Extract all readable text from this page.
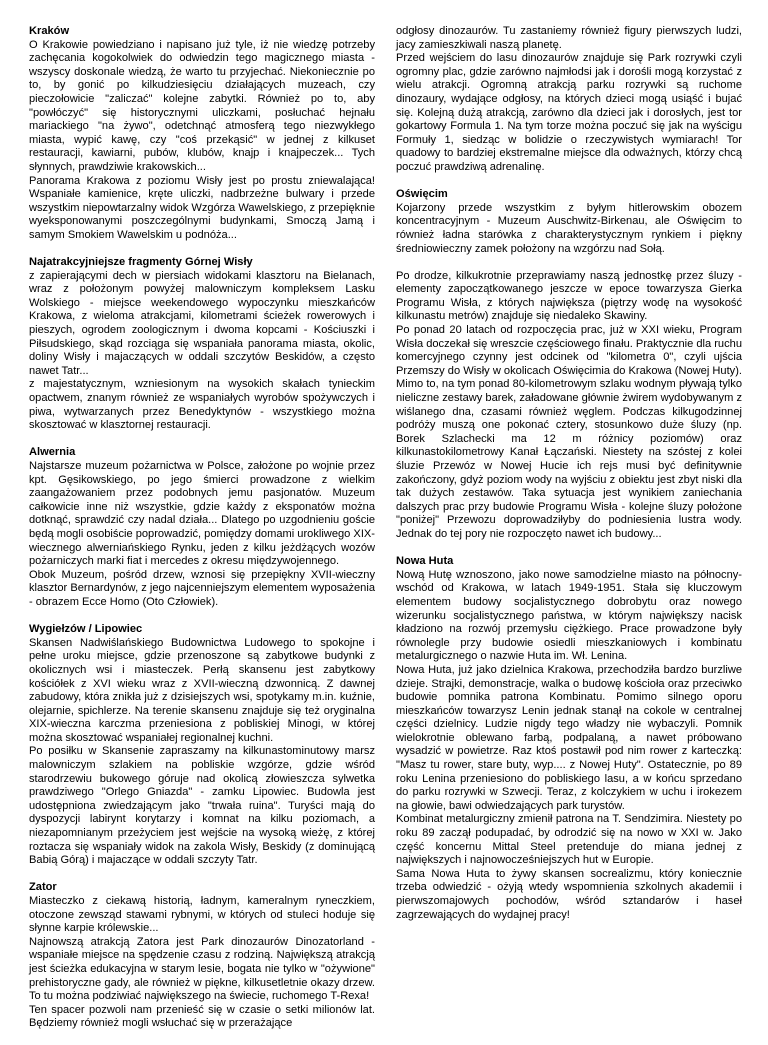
Kraków

O Krakowie powiedziano i napisano już tyle, iż nie wiedzę potrzeby zachęcania kogokolwiek do odwiedzin tego magicznego miasta - wszyscy doskonale wiedzą, że warto tu przyjechać. Niekoniecznie po to, by gonić po kilkudziesięciu działających muzeach, czy pieczołowicie "zaliczać" kolejne zabytki. Również po to, aby "powłóczyć" się historycznymi uliczkami, posłuchać hejnału mariackiego "na żywo", odetchnąć atmosferą tego niezwykłego miasta, wypić kawę, czy "coś przekąsić" w jednej z kilkuset restauracji, kawiarni, pubów, klubów, knajp i knajpeczek... Tych słynnych, prawdziwie krakowskich...

Panorama Krakowa z poziomu Wisły jest po prostu zniewalająca! Wspaniałe kamienice, kręte uliczki, nadbrzeżne bulwary i przede wszystkim niepowtarzalny widok Wzgórza Wawelskiego, z przepięknie wyeksponowanymi poszczególnymi budynkami, Smoczą Jamą i samym Smokiem Wawelskim u podnóża...

Najatrakcyjniejsze fragmenty Górnej Wisły

z zapierającymi dech w piersiach widokami klasztoru na Bielanach, wraz z położonym powyżej malowniczym kompleksem Lasku Wolskiego - miejsce weekendowego wypoczynku mieszkańców Krakowa, z wieloma atrakcjami, kilometrami ścieżek rowerowych i pieszych, ogrodem zoologicznym i dwoma kopcami - Kościuszki i Piłsudskiego, skąd rozciąga się wspaniała panorama miasta, okolic, doliny Wisły i majaczących w oddali szczytów Beskidów, a często nawet Tatr...

z majestatycznym, wzniesionym na wysokich skałach tynieckim opactwem, znanym również ze wspaniałych wyrobów spożywczych i piwa, wytwarzanych przez Benedyktynów - wszystkiego można skosztować w klasztornej restauracji.

Alwernia

Najstarsze muzeum pożarnictwa w Polsce, założone po wojnie przez kpt. Gęsikowskiego, po jego śmierci prowadzone z wielkim zaangażowaniem przez podobnych jemu pasjonatów. Muzeum całkowicie inne niż wszystkie, gdzie każdy z eksponatów można dotknąć, sprawdzić czy nadal działa... Dlatego po uzgodnieniu goście będą mogli osobiście poprowadzić, pomiędzy domami urokliwego XIX-wiecznego alwerniańskiego Rynku, jeden z kilku jeżdżących wozów pożarniczych marki fiat i mercedes z okresu międzywojennego.

Obok Muzeum, pośród drzew, wznosi się przepiękny XVII-wieczny klasztor Bernardynów, z jego najcenniejszym elementem wyposażenia - obrazem Ecce Homo (Oto Człowiek).

Wygiełzów / Lipowiec

Skansen Nadwiślańskiego Budownictwa Ludowego to spokojne i pełne uroku miejsce, gdzie przenoszone są zabytkowe budynki z okolicznych wsi i miasteczek. Perłą skansenu jest zabytkowy kościółek z XVI wieku wraz z XVII-wieczną dzwonnicą. Z dawnej zabudowy, która znikła już z dzisiejszych wsi, spotykamy m.in. kuźnie, olejarnie, spichlerze. Na terenie skansenu znajduje się też oryginalna XIX-wieczna karczma przeniesiona z pobliskiej Minogi, w której można skosztować wspaniałej regionalnej kuchni.

Po posiłku w Skansenie zapraszamy na kilkunastominutowy marsz malowniczym szlakiem na pobliskie wzgórze, gdzie wśród starodrzewiu bukowego góruje nad okolicą złowieszcza sylwetka prawdziwego "Orlego Gniazda" - zamku Lipowiec. Budowla jest udostępniona zwiedzającym jako "trwała ruina". Turyści mają do dyspozycji labirynt korytarzy i komnat na kilku poziomach, a niezapomnianym przeżyciem jest wejście na wysoką wieżę, z której roztacza się wspaniały widok na zakola Wisły, Beskidy (z dominującą Babią Górą) i majaczące w oddali szczyty Tatr.

Zator

Miasteczko z ciekawą historią, ładnym, kameralnym ryneczkiem, otoczone zewsząd stawami rybnymi, w których od stuleci hoduje się słynne karpie królewskie...

Najnowszą atrakcją Zatora jest Park dinozaurów Dinozatorland - wspaniałe miejsce na spędzenie czasu z rodziną. Największą atrakcją jest ścieżka edukacyjna w starym lesie, bogata nie tylko w "ożywione" prehistoryczne gady, ale również w piękne, kilkusetletnie okazy drzew. To tu można podziwiać największego na świecie, ruchomego T-Rexa!

Ten spacer pozwoli nam przenieść się w czasie o setki milionów lat. Będziemy również mogli wsłuchać się w przerażające

odgłosy dinozaurów. Tu zastaniemy również figury pierwszych ludzi, jacy zamieszkiwali naszą planetę.

Przed wejściem do lasu dinozaurów znajduje się Park rozrywki czyli ogromny plac, gdzie zarówno najmłodsi jak i dorośli mogą korzystać z wielu atrakcji. Ogromną atrakcją parku rozrywki są ruchome dinozaury, wydające odgłosy, na których dzieci mogą usiąść i bujać się. Kolejną dużą atrakcją, zarówno dla dzieci jak i dorosłych, jest tor gokartowy Formula 1. Na tym torze można poczuć się jak na wyścigu Formuły 1, siedząc w bolidzie o rzeczywistych wymiarach! Tor quadowy to bardziej ekstremalne miejsce dla odważnych, którzy chcą poczuć prawdziwą adrenalinę.

Oświęcim

Kojarzony przede wszystkim z byłym hitlerowskim obozem koncentracyjnym - Muzeum Auschwitz-Birkenau, ale Oświęcim to również ładna starówka z charakterystycznym rynkiem i piękny średniowieczny zamek położony na wzgórzu nad Sołą.

Po drodze, kilkukrotnie przeprawiamy naszą jednostkę przez śluzy - elementy zapoczątkowanego jeszcze w epoce towarzysza Gierka Programu Wisła, z których największa (piętrzy wodę na wysokość kilkunastu metrów) znajduje się niedaleko Skawiny.

Po ponad 20 latach od rozpoczęcia prac, już w XXI wieku, Program Wisła doczekał się wreszcie częściowego finału. Praktycznie dla ruchu komercyjnego czynny jest odcinek od "kilometra 0", czyli ujścia Przemszy do Wisły w okolicach Oświęcimia do Krakowa (Nowej Huty). Mimo to, na tym ponad 80-kilometrowym szlaku wodnym pływają tylko nieliczne zestawy barek, załadowane głównie żwirem wydobywanym z wiślanego dna, czasami również węglem. Podczas kilkugodzinnej podróży muszą one pokonać cztery, stosunkowo duże śluzy (np. Borek Szlachecki ma 12 m różnicy poziomów) oraz kilkunastokilometrowy Kanał Łączański. Niestety na szóstej z kolei śluzie Przewóz w Nowej Hucie ich rejs musi być definitywnie zakończony, gdyż poziom wody na wyjściu z obiektu jest zbyt niski dla tak dużych zestawów. Taka sytuacja jest wynikiem zaniechania dalszych prac przy budowie Programu Wisła - kolejne śluzy położone "poniżej" Przewozu doprowadziłyby do podniesienia lustra wody. Jednak do tej pory nie rozpoczęto nawet ich budowy...

Nowa Huta

Nową Hutę wznoszono, jako nowe samodzielne miasto na północny-wschód od Krakowa, w latach 1949-1951. Stała się kluczowym elementem budowy socjalistycznego dobrobytu oraz nowego wizerunku socjalistycznego państwa, w którym największy nacisk kładziono na rozwój przemysłu ciężkiego. Prace prowadzone były równolegle przy budowie osiedli mieszkaniowych i kombinatu metalurgicznego o nazwie Huta im. Wł. Lenina.

Nowa Huta, już jako dzielnica Krakowa, przechodziła bardzo burzliwe dzieje. Strajki, demonstracje, walka o budowę kościoła oraz przeciwko budowie pomnika patrona Kombinatu. Pomimo silnego oporu mieszkańców towarzysz Lenin jednak stanął na cokole w centralnej części dzielnicy. Ludzie nigdy tego władzy nie wybaczyli. Pomnik wielokrotnie oblewano farbą, podpalaną, a nawet próbowano wysadzić w powietrze. Raz ktoś postawił pod nim rower z karteczką: "Masz tu rower, stare buty, wyp.... z Nowej Huty". Ostatecznie, po 89 roku Lenina przeniesiono do pobliskiego lasu, a w końcu sprzedano do parku rozrywki w Szwecji. Teraz, z kolczykiem w uchu i irokezem na głowie, bawi odwiedzających park turystów.

Kombinat metalurgiczny zmienił patrona na T. Sendzimira. Niestety po roku 89 zaczął podupadać, by odrodzić się na nowo w XXI w. Jako część koncernu Mittal Steel pretenduje do miana jednej z największych i najnowocześniejszych hut w Europie.

Sama Nowa Huta to żywy skansen socrealizmu, który koniecznie trzeba odwiedzić - ożyją wtedy wspomnienia szkolnych akademii i pierwszomajowych pochodów, wśród sztandarów i haseł zagrzewających do wydajnej pracy!
